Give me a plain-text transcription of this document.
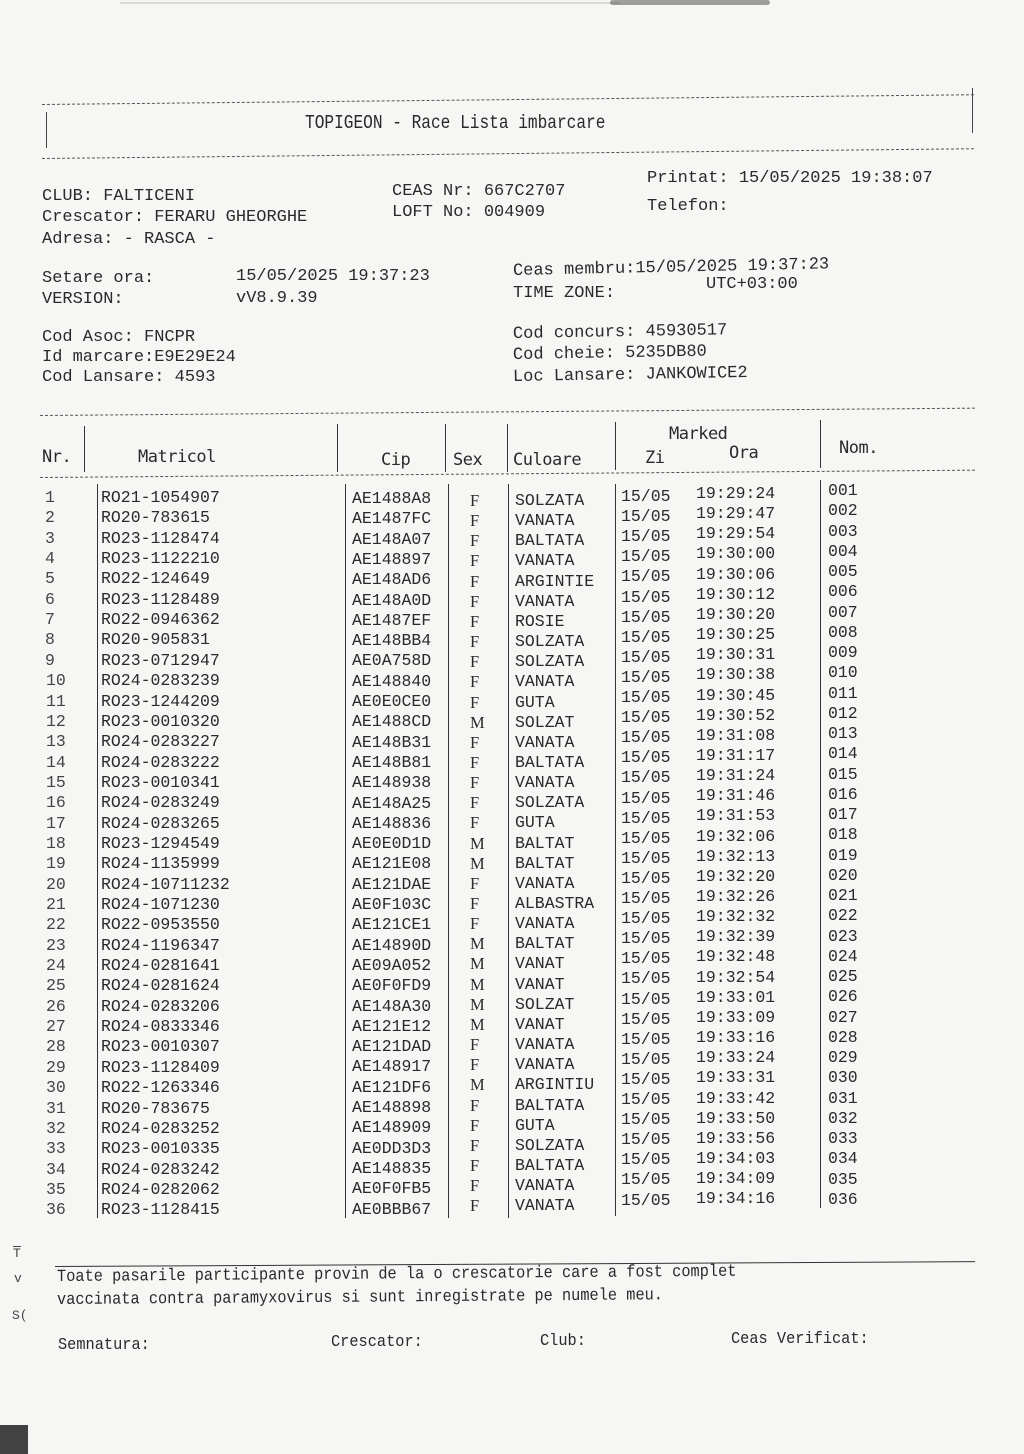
TOPIGEON - Race Lista imbarcare
CLUB: FALTICENI
Crescator: FERARU GHEORGHE
Adresa: - RASCA -
CEAS Nr: 667C2707
LOFT No: 004909
Printat: 15/05/2025 19:38:07
Telefon:
Setare ora:	15/05/2025 19:37:23
VERSION:	vV8.9.39
Ceas membru:15/05/2025 19:37:23
TIME ZONE:	UTC+03:00
Cod Asoc: FNCPR
Id marcare:E9E29E24
Cod Lansare: 4593
Cod concurs: 45930517
Cod cheie: 5235DB80
Loc Lansare: JANKOWICE2
Nr.	Matricol	Cip	Sex Culoare
Marked
Zi	Ora	Nom.
1	RO21-1054907	AE1488A8 F SOLZATA 15/05 19:29:24	001
2	RO20-783615	AE1487FC F VANATA	15/05 19:29:47	002
3	RO23-1128474	AE148A07 F BALTATA 15/05 19:29:54	003
4	RO23-1122210	AE148897 F VANATA	15/05 19:30:00	004
5	RO22-124649	AE148AD6 F ARGINTIE 15/05 19:30:06	005
6	RO23-1128489	AE148A0D F VANATA	15/05 19:30:12	006
7	RO22-0946362	AE1487EF F ROSIE	15/05 19:30:20	007
8	RO20-905831	AE148BB4 F SOLZATA 15/05 19:30:25	008
9	RO23-0712947	AE0A758D F SOLZATA 15/05 19:30:31	009
10 RO24-0283239	AE148840 F VANATA	15/05 19:30:38	010
11 RO23-1244209	AE0E0CE0 F GUTA	15/05 19:30:45	011
12 RO23-0010320	AE1488CD M SOLZAT	15/05 19:30:52	012
13 RO24-0283227	AE148B31 F VANATA	15/05 19:31:08	013
14 RO24-0283222	AE148B81 F BALTATA 15/05 19:31:17	014
15 RO23-0010341	AE148938 F VANATA	15/05 19:31:24	015
16 RO24-0283249	AE148A25 F SOLZATA 15/05 19:31:46	016
17 RO24-0283265	AE148836 F GUTA	15/05 19:31:53	017
18 RO23-1294549	AE0E0D1D M BALTAT	15/05 19:32:06	018
19 RO24-1135999	AE121E08 M BALTAT	15/05 19:32:13	019
20 RO24-10711232	AE121DAE F VANATA	15/05 19:32:20	020
21 RO24-1071230	AE0F103C F ALBASTRA 15/05 19:32:26	021
22 RO22-0953550	AE121CE1 F VANATA	15/05 19:32:32	022
23 RO24-1196347	AE14890D M BALTAT	15/05 19:32:39	023
24 RO24-0281641	AE09A052 M VANAT	15/05 19:32:48	024
25 RO24-0281624	AE0F0FD9 M VANAT	15/05 19:32:54	025
26 RO24-0283206	AE148A30 M SOLZAT	15/05 19:33:01	026
27 RO24-0833346	AE121E12 M VANAT	15/05 19:33:09	027
28 RO23-0010307	AE121DAD F VANATA	15/05 19:33:16	028
29 RO23-1128409	AE148917 F VANATA	15/05 19:33:24	029
30 RO22-1263346	AE121DF6 M ARGINTIU 15/05 19:33:31	030
31 RO20-783675	AE148898 F BALTATA 15/05 19:33:42	031
32 RO24-0283252	AE148909 F GUTA	15/05 19:33:50	032
33 RO23-0010335	AE0DD3D3 F SOLZATA 15/05 19:33:56	033
34 RO24-0283242	AE148835 F BALTATA 15/05 19:34:03	034
35 RO24-0282062	AE0F0FB5 F VANATA	15/05 19:34:09	035
36 RO23-1128415	AE0BBB67 F VANATA	15/05 19:34:16	036
T
v
S(
Toate pasarile participante provin de la o crescatorie care a fost complet
vaccinata contra paramyxovirus si sunt inregistrate pe numele meu.
Semnatura:	Crescator:	Club:	Ceas Verificat:
